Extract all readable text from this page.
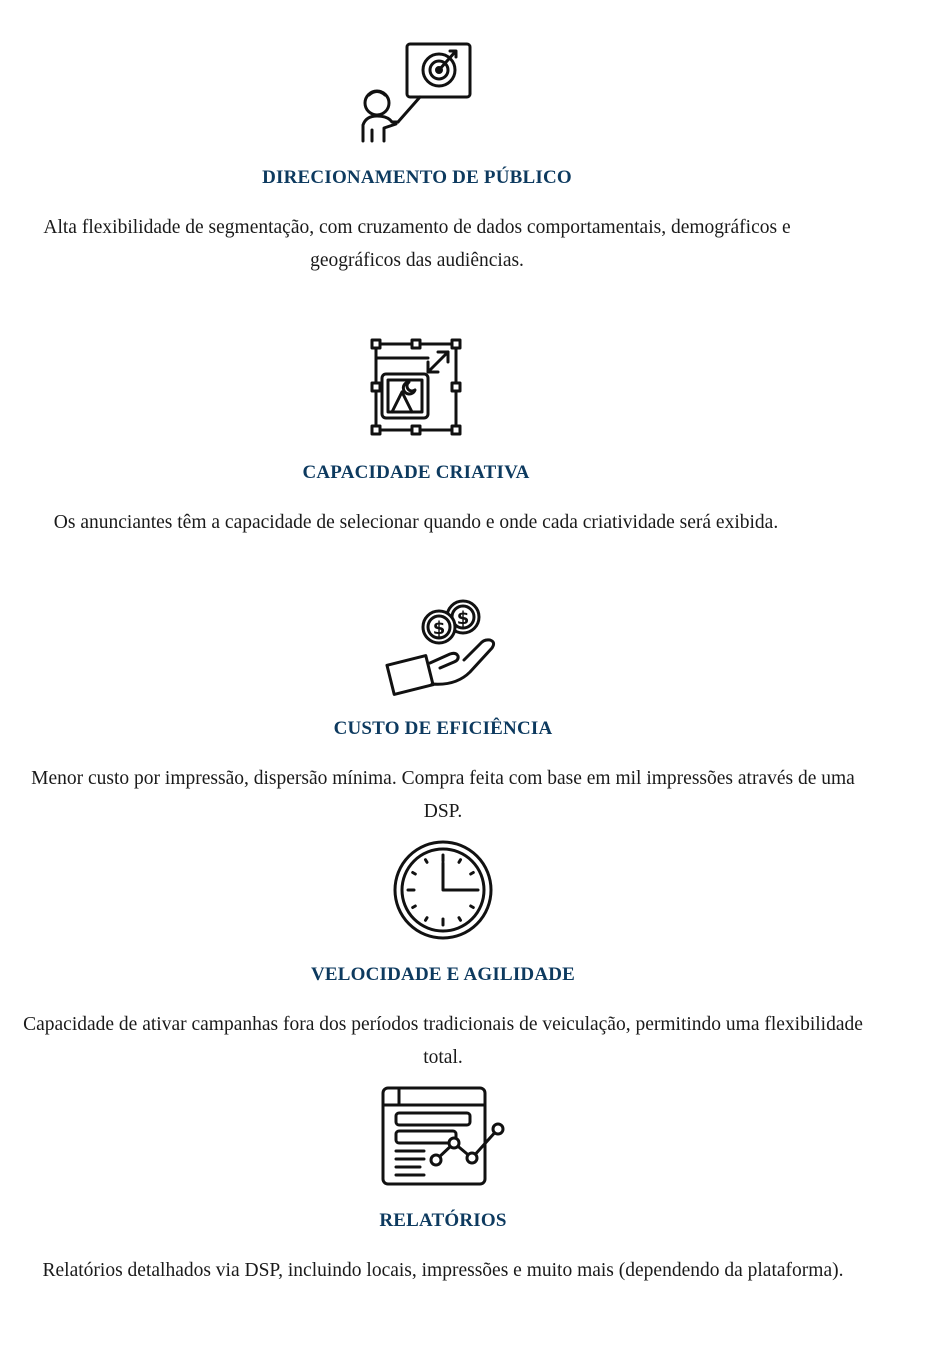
DIRECIONAMENTO DE PÚBLICO
Alta flexibilidade de segmentação, com cruzamento de dados comportamentais, demográficos e geográficos das audiências.
CAPACIDADE CRIATIVA
Os anunciantes têm a capacidade de selecionar quando e onde cada criatividade será exibida.
$
$
CUSTO DE EFICIÊNCIA
Menor custo por impressão, dispersão mínima. Compra feita com base em mil impressões através de uma DSP.
VELOCIDADE E AGILIDADE
Capacidade de ativar campanhas fora dos períodos tradicionais de veiculação, permitindo uma flexibilidade total.
RELATÓRIOS
Relatórios detalhados via DSP, incluindo locais, impressões e muito mais (dependendo da plataforma).
